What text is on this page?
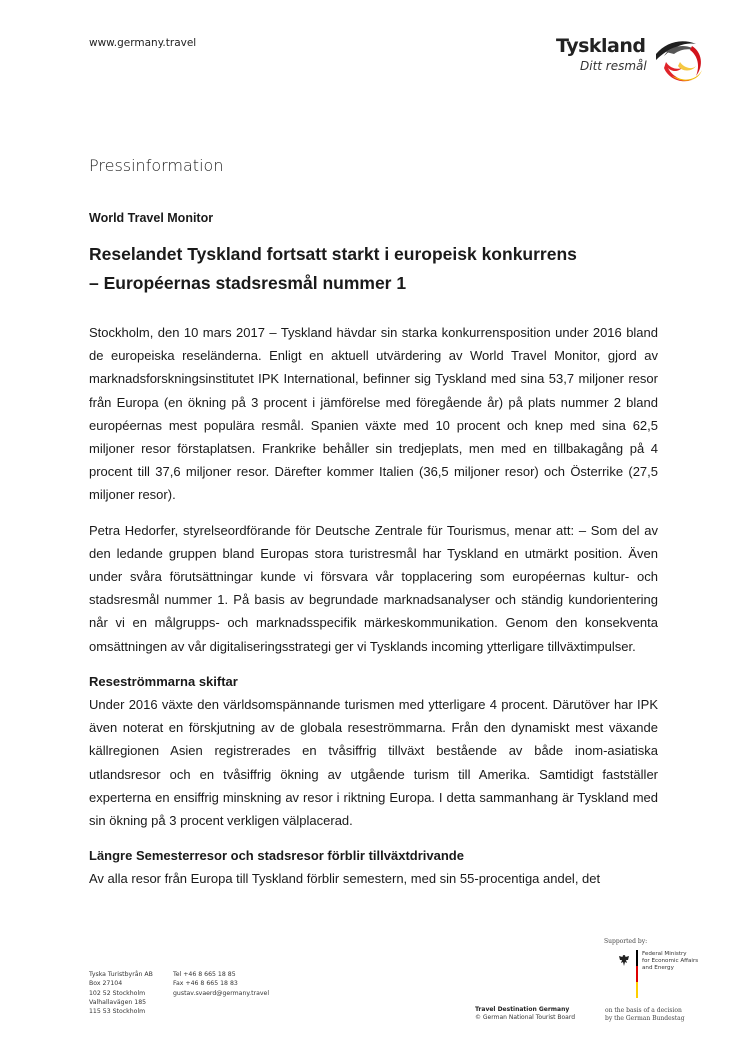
www.germany.travel	Tyskland
Ditt resmål
Pressinformation
World Travel Monitor
Reselandet Tyskland fortsatt starkt i europeisk konkurrens
– Européernas stadsresmål nummer 1

Stockholm, den 10 mars 2017 – Tyskland hävdar sin starka konkurrensposition under 2016 bland de europeiska reseländerna. Enligt en aktuell utvärdering av World Travel Monitor, gjord av marknadsforskningsinstitutet IPK International, befinner sig Tyskland med sina 53,7 miljoner resor från Europa (en ökning på 3 procent i jämförelse med föregående år) på plats nummer 2 bland européernas mest populära resmål. Spanien växte med 10 procent och knep med sina 62,5 miljoner resor förstaplatsen. Frankrike behåller sin tredjeplats, men med en tillbakagång på 4 procent till 37,6 miljoner resor. Därefter kommer Italien (36,5 miljoner resor) och Österrike (27,5 miljoner resor).

Petra Hedorfer, styrelseordförande för Deutsche Zentrale für Tourismus, menar att: – Som del av den ledande gruppen bland Europas stora turistresmål har Tyskland en utmärkt position. Även under svåra förutsättningar kunde vi försvara vår topplacering som européernas kultur- och stadsresmål nummer 1. På basis av begrundade marknadsanalyser och ständig kundorientering når vi en målgrupps- och marknadsspecifik märkeskommunikation. Genom den konsekventa omsättningen av vår digitaliseringsstrategi ger vi Tysklands incoming ytterligare tillväxtimpulser.

Reseströmmarna skiftar

Under 2016 växte den världsomspännande turismen med ytterligare 4 procent. Därutöver har IPK även noterat en förskjutning av de globala reseströmmarna. Från den dynamiskt mest växande källregionen Asien registrerades en tvåsiffrig tillväxt bestående av både inom-asiatiska utlandsresor och en tvåsiffrig ökning av utgående turism till Amerika. Samtidigt fastställer experterna en ensiffrig minskning av resor i riktning Europa. I detta sammanhang är Tyskland med sin ökning på 3 procent verkligen välplacerad.

Längre Semesterresor och stadsresor förblir tillväxtdrivande

Av alla resor från Europa till Tyskland förblir semestern, med sin 55-procentiga andel, det

Tyska Turistbyrån AB
Box 27104
102 52 Stockholm
Valhallavägen 185
115 53 Stockholm
Tel +46 8 665 18 85
Fax +46 8 665 18 83
gustav.svaerd@germany.travel
Supported by:
Federal Ministry
for Economic Affairs
and Energy
Travel Destination Germany
© German National Tourist Board
on the basis of a decision
by the German Bundestag
